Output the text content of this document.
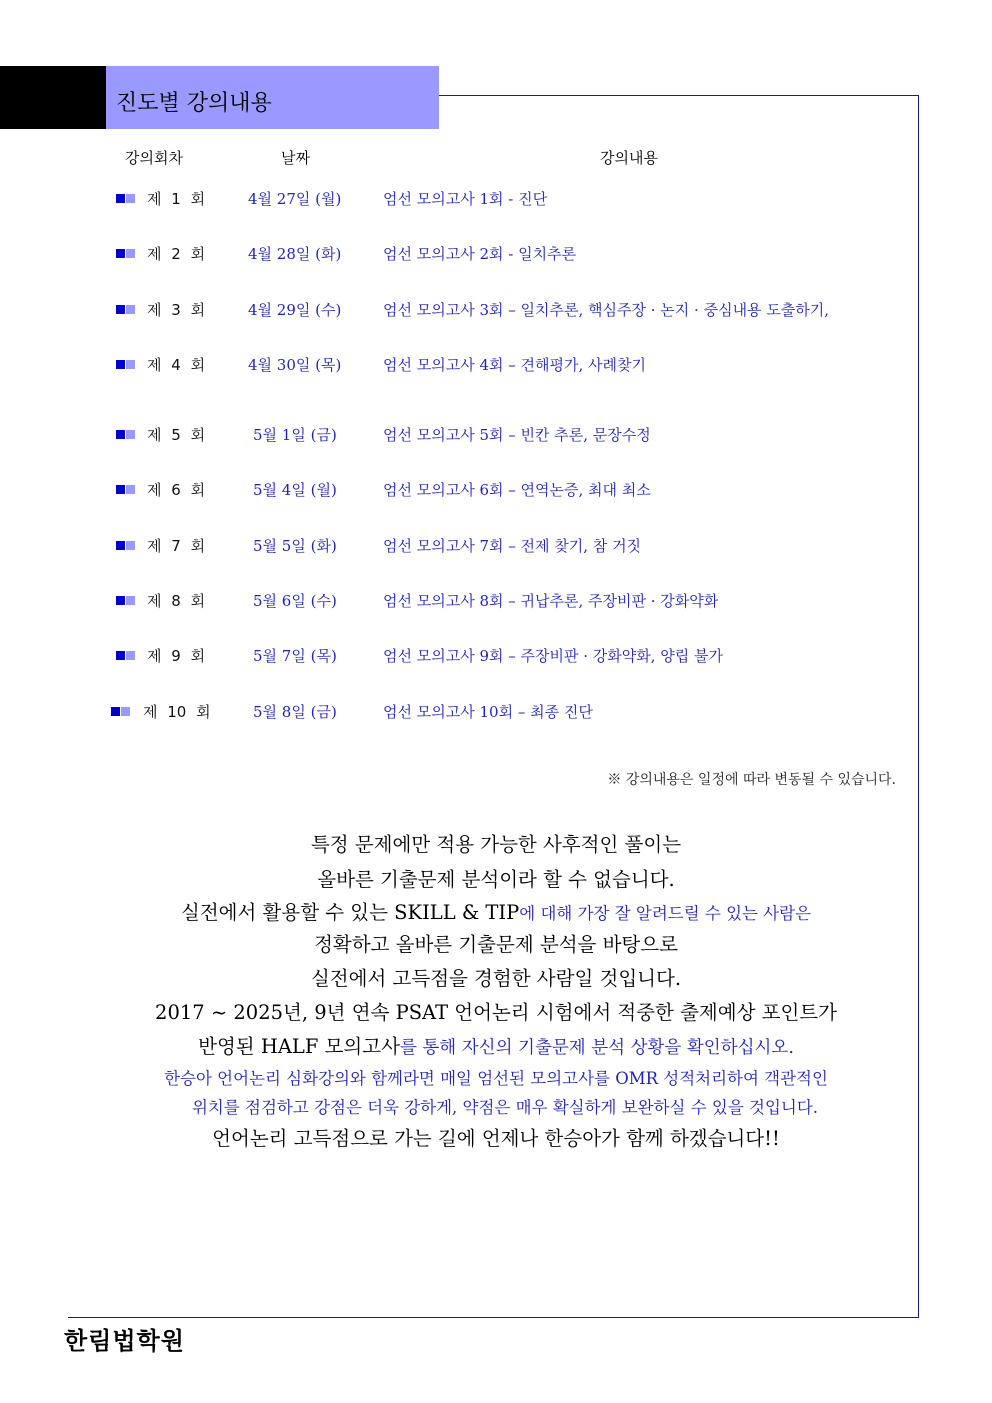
진도별 강의내용
강의회차	날짜	강의내용
제 1 회	4월 27일 (월)	엄선 모의고사 1회 - 진단
제 2 회	4월 28일 (화)	엄선 모의고사 2회 - 일치추론
제 3 회	4월 29일 (수)	엄선 모의고사 3회 – 일치추론, 핵심주장 · 논지 · 중심내용 도출하기,
제 4 회	4월 30일 (목)	엄선 모의고사 4회 – 견해평가, 사례찾기
제 5 회	5월 1일 (금)	엄선 모의고사 5회 – 빈칸 추론, 문장수정
제 6 회	5월 4일 (월)	엄선 모의고사 6회 – 연역논증, 최대 최소
제 7 회	5월 5일 (화)	엄선 모의고사 7회 – 전제 찾기, 참 거짓
제 8 회	5월 6일 (수)	엄선 모의고사 8회 – 귀납추론, 주장비판 · 강화약화
제 9 회	5월 7일 (목)	엄선 모의고사 9회 – 주장비판 · 강화약화, 양립 불가
제 10 회	5월 8일 (금)	엄선 모의고사 10회 – 최종 진단
※ 강의내용은 일정에 따라 변동될 수 있습니다.
특정 문제에만 적용 가능한 사후적인 풀이는
올바른 기출문제 분석이라 할 수 없습니다.
실전에서 활용할 수 있는 SKILL & TIP에 대해 가장 잘 알려드릴 수 있는 사람은
정확하고 올바른 기출문제 분석을 바탕으로
실전에서 고득점을 경험한 사람일 것입니다.
2017 ~ 2025년, 9년 연속 PSAT 언어논리 시험에서 적중한 출제예상 포인트가
반영된 HALF 모의고사를 통해 자신의 기출문제 분석 상황을 확인하십시오.
한승아 언어논리 심화강의와 함께라면 매일 엄선된 모의고사를 OMR 성적처리하여 객관적인
위치를 점검하고 강점은 더욱 강하게, 약점은 매우 확실하게 보완하실 수 있을 것입니다.
언어논리 고득점으로 가는 길에 언제나 한승아가 함께 하겠습니다!!
한림법학원
